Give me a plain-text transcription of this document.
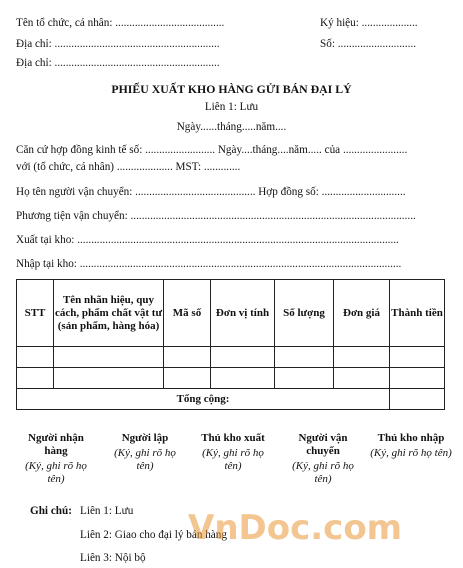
Tên tổ chức, cá nhân: .......................................	Ký hiệu: ....................
Địa chỉ: ...........................................................	Số: ............................
Địa chỉ: ...........................................................
PHIẾU XUẤT KHO HÀNG GỬI BÁN ĐẠI LÝ
Liên 1: Lưu
Ngày......tháng.....năm....
Căn cứ hợp đồng kinh tế số: ......................... Ngày....tháng....năm..... của .......................
với (tổ chức, cá nhân) .................... MST: .............
Họ tên người vận chuyển: ........................................... Hợp đồng số: ..............................
Phương tiện vận chuyển: ......................................................................................................
Xuất tại kho: ...................................................................................................................
Nhập tại kho: ...................................................................................................................
STT	Tên nhãn hiệu, quy cách, phẩm chất vật tư (sản phẩm, hàng hóa)	Mã số	Đơn vị tính	Số lượng	Đơn giá	Thành tiền

Tổng cộng:						
Người nhận hàng
(Ký, ghi rõ họ tên)
Người lập
(Ký, ghi rõ họ tên)
Thủ kho xuất
(Ký, ghi rõ họ tên)
Người vận chuyển
(Ký, ghi rõ họ tên)
Thủ kho nhập
(Ký, ghi rõ họ tên)
Ghi chú: Liên 1: Lưu
Liên 2: Giao cho đại lý bán hàng
Liên 3: Nội bộ
VnDoc.com
